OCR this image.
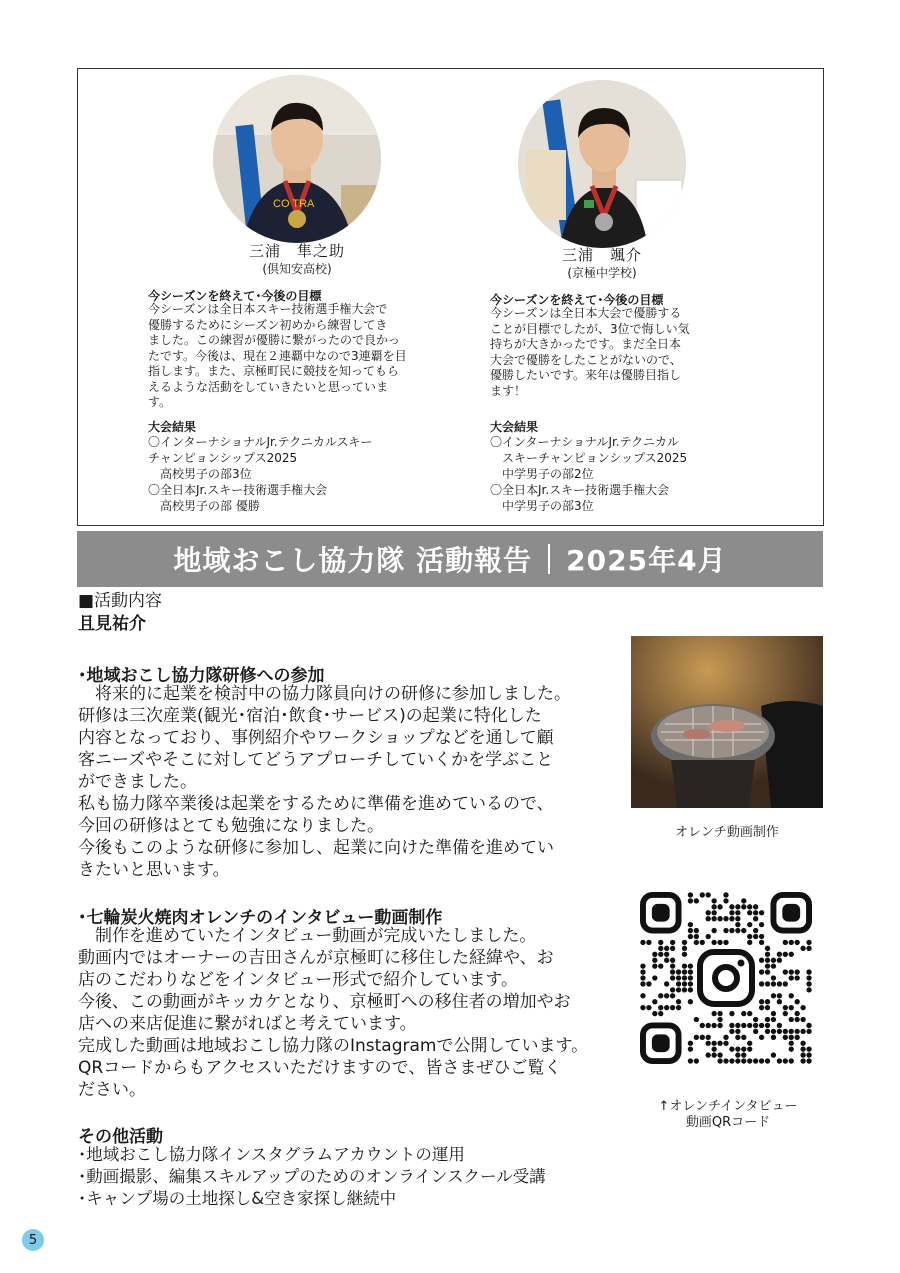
CO TRA
三浦　隼之助
(倶知安高校)
今シーズンを終えて･今後の目標
今シーズンは全日本スキー技術選手権大会で
優勝するためにシーズン初めから練習してき
ました。この練習が優勝に繋がったので良かっ
たです。今後は、現在２連覇中なので3連覇を目
指します。また、京極町民に競技を知ってもら
えるような活動をしていきたいと思っていま
す。
大会結果
〇インターナショナルJr.テクニカルスキー
チャンピョンシップス2025
　高校男子の部3位
〇全日本Jr.スキー技術選手権大会
　高校男子の部 優勝
三浦　颯介
(京極中学校)
今シーズンを終えて･今後の目標
今シーズンは全日本大会で優勝する
ことが目標でしたが、3位で悔しい気
持ちが大きかったです。まだ全日本
大会で優勝をしたことがないので、
優勝したいです。来年は優勝目指し
ます！
大会結果
〇インターナショナルJr.テクニカル
　スキーチャンピョンシップス2025
　中学男子の部2位
〇全日本Jr.スキー技術選手権大会
　中学男子の部3位
地域おこし協力隊 活動報告 2025年4月
■活動内容
且見祐介
･地域おこし協力隊研修への参加
　将来的に起業を検討中の協力隊員向けの研修に参加しました。
研修は三次産業(観光･宿泊･飲食･サービス)の起業に特化した
内容となっており、事例紹介やワークショップなどを通して顧
客ニーズやそこに対してどうアプローチしていくかを学ぶこと
ができました。
私も協力隊卒業後は起業をするために準備を進めているので、
今回の研修はとても勉強になりました。
今後もこのような研修に参加し、起業に向けた準備を進めてい
きたいと思います。
･七輪炭火焼肉オレンチのインタビュー動画制作
　制作を進めていたインタビュー動画が完成いたしました。
動画内ではオーナーの吉田さんが京極町に移住した経緯や、お
店のこだわりなどをインタビュー形式で紹介しています。
今後、この動画がキッカケとなり、京極町への移住者の増加やお
店への来店促進に繋がればと考えています。
完成した動画は地域おこし協力隊のInstagramで公開しています。
QRコードからもアクセスいただけますので、皆さまぜひご覧く
ださい。
その他活動
･地域おこし協力隊インスタグラムアカウントの運用
･動画撮影、編集スキルアップのためのオンラインスクール受講
･キャンプ場の土地探し&空き家探し継続中
オレンチ動画制作
↑オレンチインタビュー
動画QRコード
5
